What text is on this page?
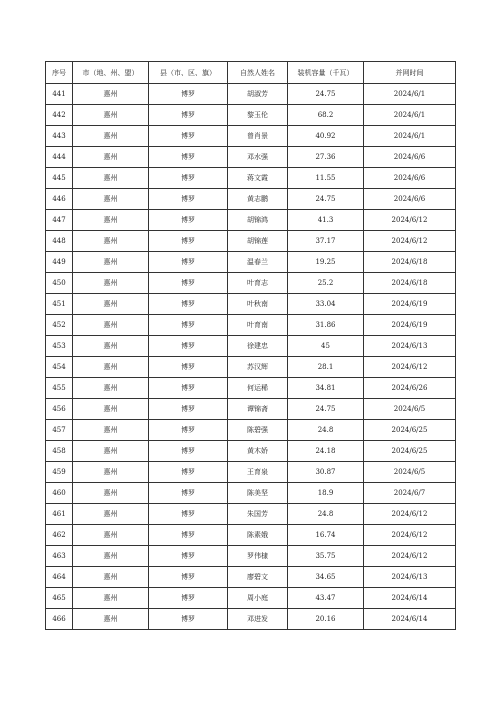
序号	市（地、州、盟）	县（市、区、旗）	自然人姓名	装机容量（千瓦）	并网时间
441	惠州	博罗	胡淑芳	24.75	2024/6/1
442	惠州	博罗	黎玉伦	68.2	2024/6/1
443	惠州	博罗	曾肖景	40.92	2024/6/1
444	惠州	博罗	邓水强	27.36	2024/6/6
445	惠州	博罗	蒋文霞	11.55	2024/6/6
446	惠州	博罗	黄志鹏	24.75	2024/6/6
447	惠州	博罗	胡锦鸿	41.3	2024/6/12
448	惠州	博罗	胡锦莲	37.17	2024/6/12
449	惠州	博罗	温春兰	19.25	2024/6/18
450	惠州	博罗	叶育志	25.2	2024/6/18
451	惠州	博罗	叶秋南	33.04	2024/6/19
452	惠州	博罗	叶育南	31.86	2024/6/19
453	惠州	博罗	徐建忠	45	2024/6/13
454	惠州	博罗	苏汉辉	28.1	2024/6/12
455	惠州	博罗	何运稀	34.81	2024/6/26
456	惠州	博罗	谭锦斋	24.75	2024/6/5
457	惠州	博罗	陈碧强	24.8	2024/6/25
458	惠州	博罗	黄木娇	24.18	2024/6/25
459	惠州	博罗	王育泉	30.87	2024/6/5
460	惠州	博罗	陈美坚	18.9	2024/6/7
461	惠州	博罗	朱国芳	24.8	2024/6/12
462	惠州	博罗	陈素娥	16.74	2024/6/12
463	惠州	博罗	罗伟棣	35.75	2024/6/12
464	惠州	博罗	廖碧文	34.65	2024/6/13
465	惠州	博罗	周小庭	43.47	2024/6/14
466	惠州	博罗	邓进发	20.16	2024/6/14
